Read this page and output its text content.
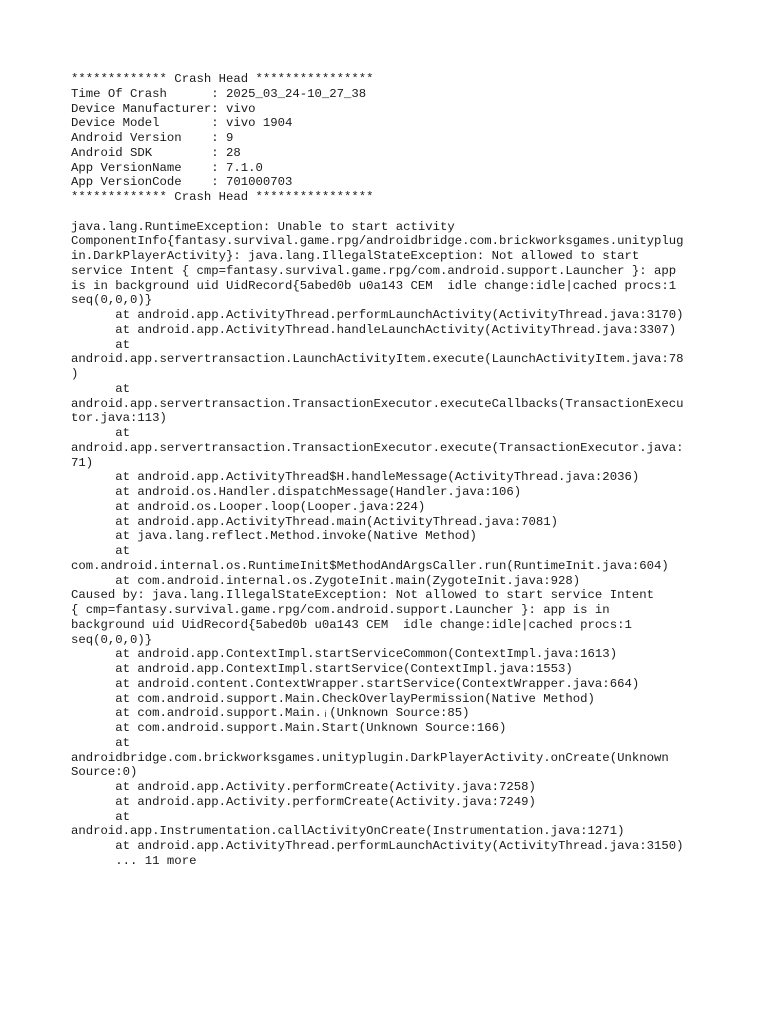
************* Crash Head ****************
Time Of Crash      : 2025_03_24-10_27_38
Device Manufacturer: vivo
Device Model       : vivo 1904
Android Version    : 9
Android SDK        : 28
App VersionName    : 7.1.0
App VersionCode    : 701000703
************* Crash Head ****************
java.lang.RuntimeException: Unable to start activity
ComponentInfo{fantasy.survival.game.rpg/androidbridge.com.brickworksgames.unityplug
in.DarkPlayerActivity}: java.lang.IllegalStateException: Not allowed to start
service Intent { cmp=fantasy.survival.game.rpg/com.android.support.Launcher }: app
is in background uid UidRecord{5abed0b u0a143 CEM  idle change:idle|cached procs:1
seq(0,0,0)}
at android.app.ActivityThread.performLaunchActivity(ActivityThread.java:3170)
at android.app.ActivityThread.handleLaunchActivity(ActivityThread.java:3307)
at
android.app.servertransaction.LaunchActivityItem.execute(LaunchActivityItem.java:78
)
at
android.app.servertransaction.TransactionExecutor.executeCallbacks(TransactionExecu
tor.java:113)
at
android.app.servertransaction.TransactionExecutor.execute(TransactionExecutor.java:
71)
at android.app.ActivityThread$H.handleMessage(ActivityThread.java:2036)
at android.os.Handler.dispatchMessage(Handler.java:106)
at android.os.Looper.loop(Looper.java:224)
at android.app.ActivityThread.main(ActivityThread.java:7081)
at java.lang.reflect.Method.invoke(Native Method)
at
com.android.internal.os.RuntimeInit$MethodAndArgsCaller.run(RuntimeInit.java:604)
at com.android.internal.os.ZygoteInit.main(ZygoteInit.java:928)
Caused by: java.lang.IllegalStateException: Not allowed to start service Intent
{ cmp=fantasy.survival.game.rpg/com.android.support.Launcher }: app is in
background uid UidRecord{5abed0b u0a143 CEM  idle change:idle|cached procs:1
seq(0,0,0)}
at android.app.ContextImpl.startServiceCommon(ContextImpl.java:1613)
at android.app.ContextImpl.startService(ContextImpl.java:1553)
at android.content.ContextWrapper.startService(ContextWrapper.java:664)
at com.android.support.Main.CheckOverlayPermission(Native Method)
at com.android.support.Main.ᵢ(Unknown Source:85)
at com.android.support.Main.Start(Unknown Source:166)
at
androidbridge.com.brickworksgames.unityplugin.DarkPlayerActivity.onCreate(Unknown
Source:0)
at android.app.Activity.performCreate(Activity.java:7258)
at android.app.Activity.performCreate(Activity.java:7249)
at
android.app.Instrumentation.callActivityOnCreate(Instrumentation.java:1271)
at android.app.ActivityThread.performLaunchActivity(ActivityThread.java:3150)
... 11 more
